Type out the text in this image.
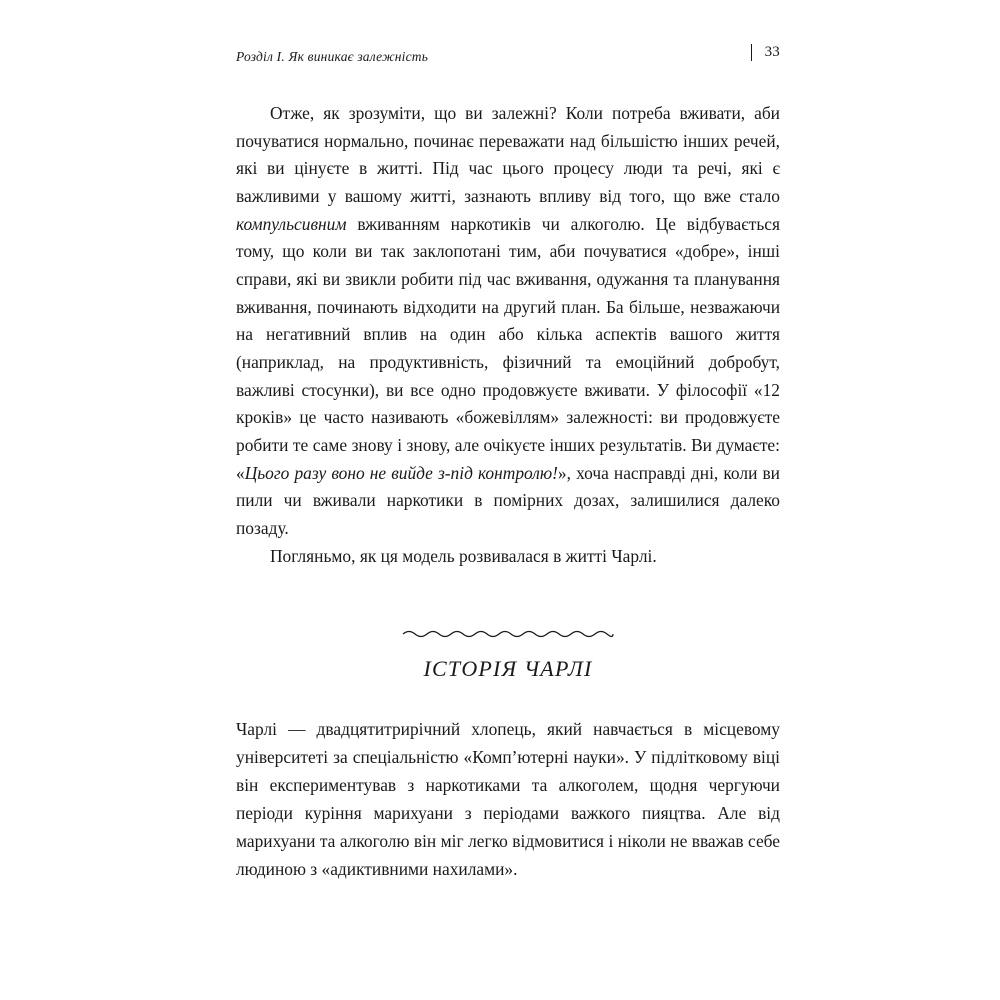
Розділ І. Як виникає залежність	33

Отже, як зрозуміти, що ви залежні? Коли потреба вживати, аби почуватися нормально, починає переважати над більшістю інших речей, які ви цінуєте в житті. Під час цього процесу люди та речі, які є важливими у вашому житті, зазнають впливу від того, що вже стало компульсивним вживанням наркотиків чи алкоголю. Це відбувається тому, що коли ви так заклопотані тим, аби почуватися «добре», інші справи, які ви звикли робити під час вживання, одужання та планування вживання, починають відходити на другий план. Ба більше, незважаючи на негативний вплив на один або кілька аспектів вашого життя (наприклад, на продуктивність, фізичний та емоційний добробут, важливі стосунки), ви все одно продовжуєте вживати. У філософії «12 кроків» це часто називають «божевіллям» залежності: ви продовжуєте робити те саме знову і знову, але очікуєте інших результатів. Ви думаєте: «Цього разу воно не вийде з-під контролю!», хоча насправді дні, коли ви пили чи вживали наркотики в помірних дозах, залишилися далеко позаду.

Погляньмо, як ця модель розвивалася в житті Чарлі.

ІСТОРІЯ ЧАРЛІ

Чарлі — двадцятитрирічний хлопець, який навчається в місцевому університеті за спеціальністю «Комп’ютерні науки». У підлітковому віці він експериментував з наркотиками та алкоголем, щодня чергуючи періоди куріння марихуани з періодами важкого пияцтва. Але від марихуани та алкоголю він міг легко відмовитися і ніколи не вважав себе людиною з «адиктивними нахилами».
